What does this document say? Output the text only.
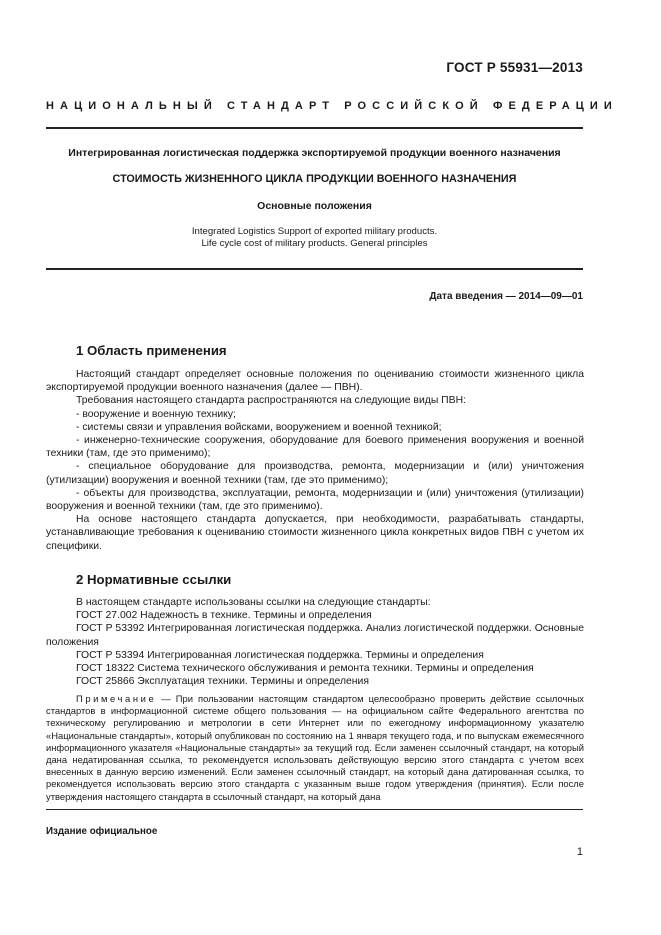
ГОСТ Р 55931—2013
НАЦИОНАЛЬНЫЙ СТАНДАРТ РОССИЙСКОЙ ФЕДЕРАЦИИ
Интегрированная логистическая поддержка экспортируемой продукции военного назначения
СТОИМОСТЬ ЖИЗНЕННОГО ЦИКЛА ПРОДУКЦИИ ВОЕННОГО НАЗНАЧЕНИЯ
Основные положения
Integrated Logistics Support of exported military products.
Life cycle cost of military products. General principles
Дата введения — 2014—09—01
1 Область применения

Настоящий стандарт определяет основные положения по оцениванию стоимости жизненного цикла экспортируемой продукции военного назначения (далее — ПВН).

Требования настоящего стандарта распространяются на следующие виды ПВН:

- вооружение и военную технику;

- системы связи и управления войсками, вооружением и военной техникой;

- инженерно-технические сооружения, оборудование для боевого применения вооружения и военной техники (там, где это применимо);

- специальное оборудование для производства, ремонта, модернизации и (или) уничтожения (утилизации) вооружения и военной техники (там, где это применимо);

- объекты для производства, эксплуатации, ремонта, модернизации и (или) уничтожения (утилизации) вооружения и военной техники (там, где это применимо).

На основе настоящего стандарта допускается, при необходимости, разрабатывать стандарты, устанавливающие требования к оцениванию стоимости жизненного цикла конкретных видов ПВН с учетом их специфики.

2 Нормативные ссылки

В настоящем стандарте использованы ссылки на следующие стандарты:

ГОСТ 27.002 Надежность в технике. Термины и определения

ГОСТ Р 53392 Интегрированная логистическая поддержка. Анализ логистической поддержки. Основные положения

ГОСТ Р 53394 Интегрированная логистическая поддержка. Термины и определения

ГОСТ 18322 Система технического обслуживания и ремонта техники. Термины и определения

ГОСТ 25866 Эксплуатация техники. Термины и определения

Примечание — При пользовании настоящим стандартом целесообразно проверить действие ссылочных стандартов в информационной системе общего пользования — на официальном сайте Федерального агентства по техническому регулированию и метрологии в сети Интернет или по ежегодному информационному указателю «Национальные стандарты», который опубликован по состоянию на 1 января текущего года, и по выпускам ежемесячного информационного указателя «Национальные стандарты» за текущий год. Если заменен ссылочный стандарт, на который дана недатированная ссылка, то рекомендуется использовать действующую версию этого стандарта с учетом всех внесенных в данную версию изменений. Если заменен ссылочный стандарт, на который дана датированная ссылка, то рекомендуется использовать версию этого стандарта с указанным выше годом утверждения (принятия). Если после утверждения настоящего стандарта в ссылочный стандарт, на который дана
Издание официальное
1
